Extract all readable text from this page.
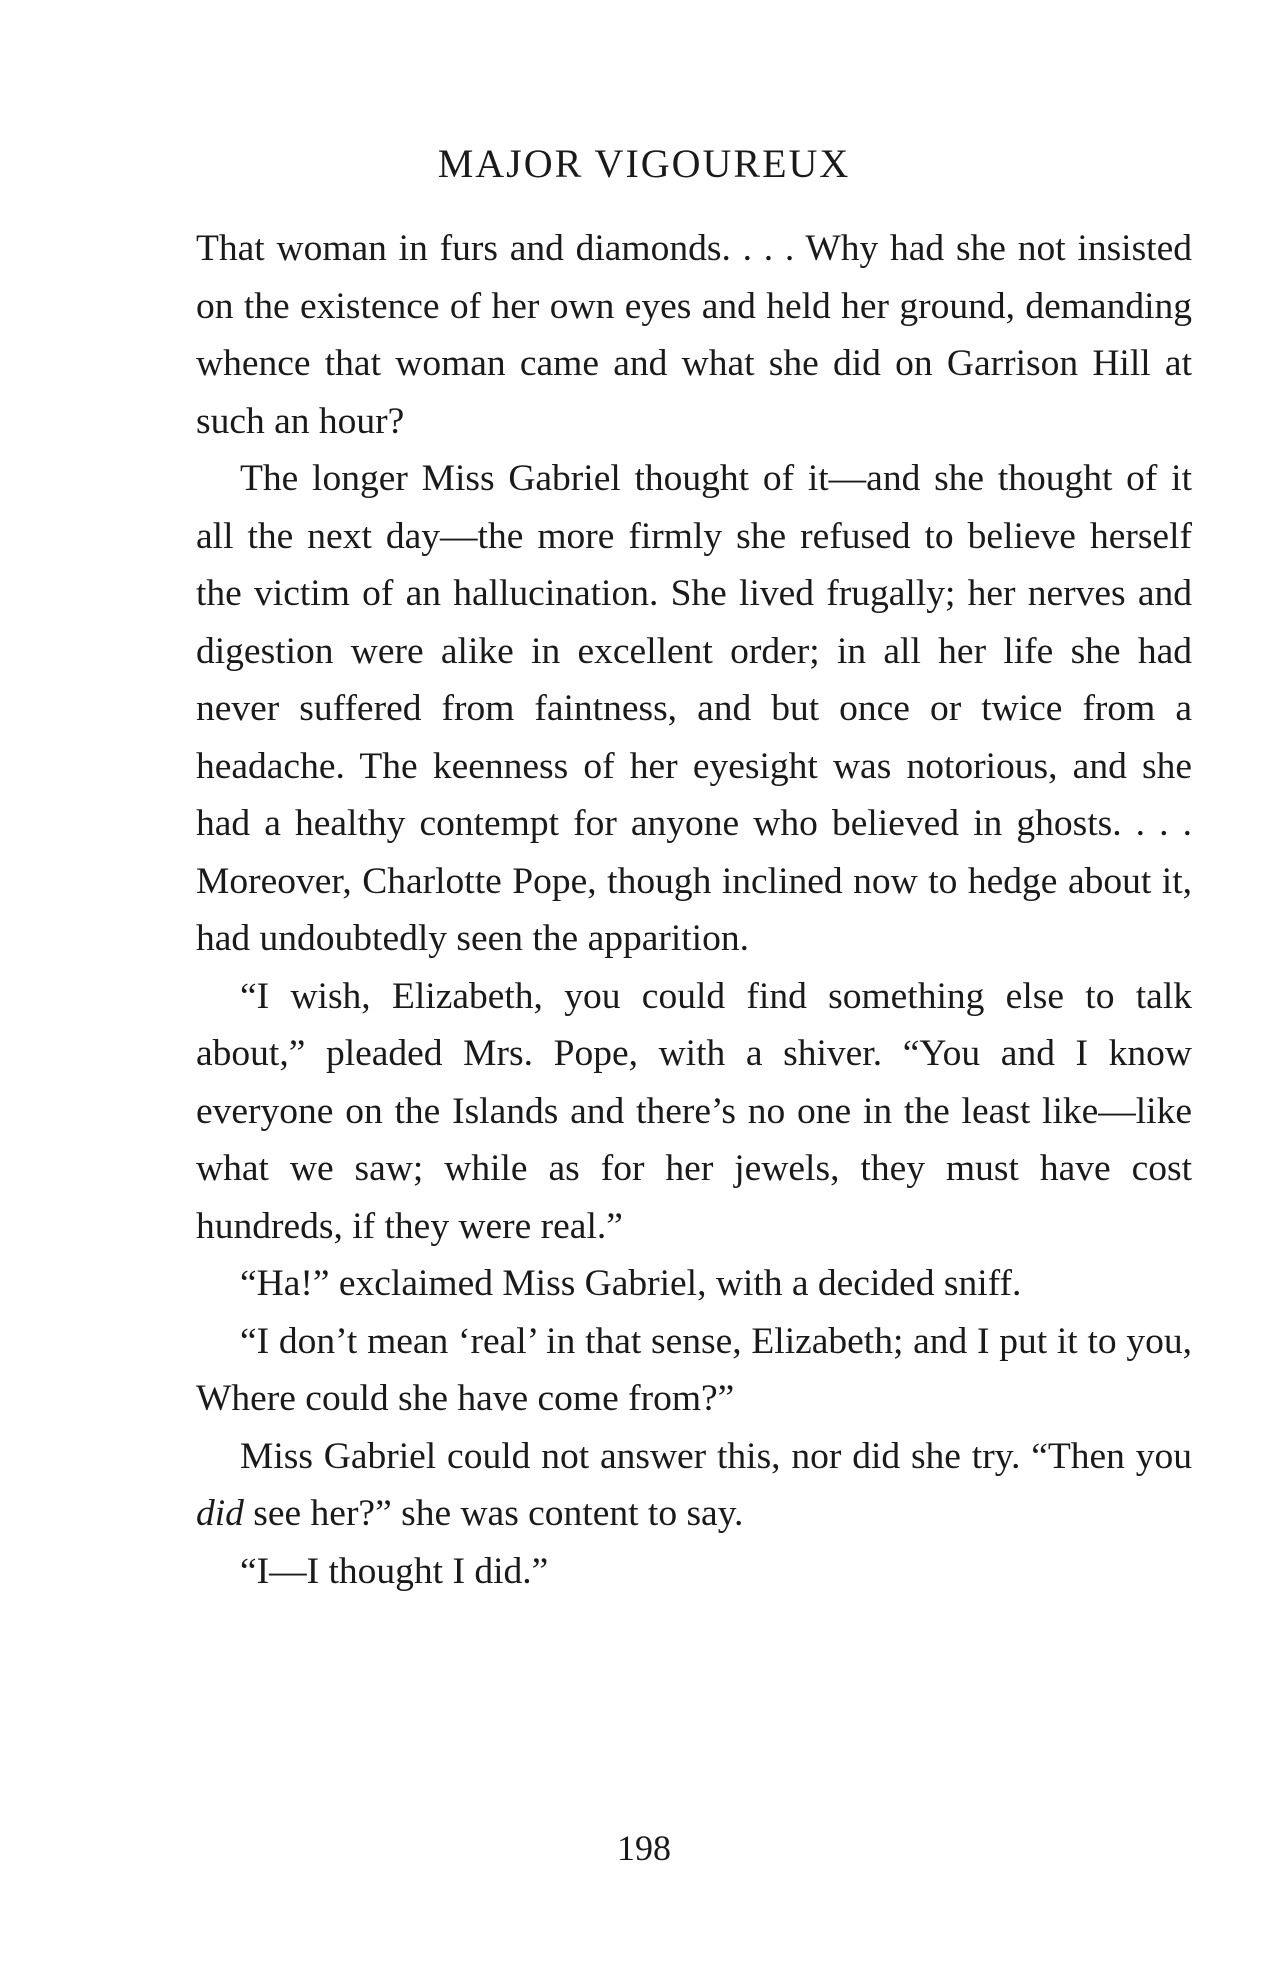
MAJOR VIGOUREUX

That woman in furs and diamonds. . . . Why had she not insisted on the existence of her own eyes and held her ground, demanding whence that woman came and what she did on Garrison Hill at such an hour?

The longer Miss Gabriel thought of it—and she thought of it all the next day—the more firmly she refused to believe herself the victim of an hallucination. She lived frugally; her nerves and digestion were alike in excellent order; in all her life she had never suffered from faintness, and but once or twice from a headache. The keenness of her eyesight was notorious, and she had a healthy contempt for anyone who believed in ghosts. . . . Moreover, Charlotte Pope, though inclined now to hedge about it, had undoubtedly seen the apparition.

“I wish, Elizabeth, you could find something else to talk about,” pleaded Mrs. Pope, with a shiver. “You and I know everyone on the Islands and there’s no one in the least like—like what we saw; while as for her jewels, they must have cost hundreds, if they were real.”

“Ha!” exclaimed Miss Gabriel, with a decided sniff.

“I don’t mean ‘real’ in that sense, Elizabeth; and I put it to you, Where could she have come from?”

Miss Gabriel could not answer this, nor did she try. “Then you did see her?” she was content to say.

“I—I thought I did.”

198
